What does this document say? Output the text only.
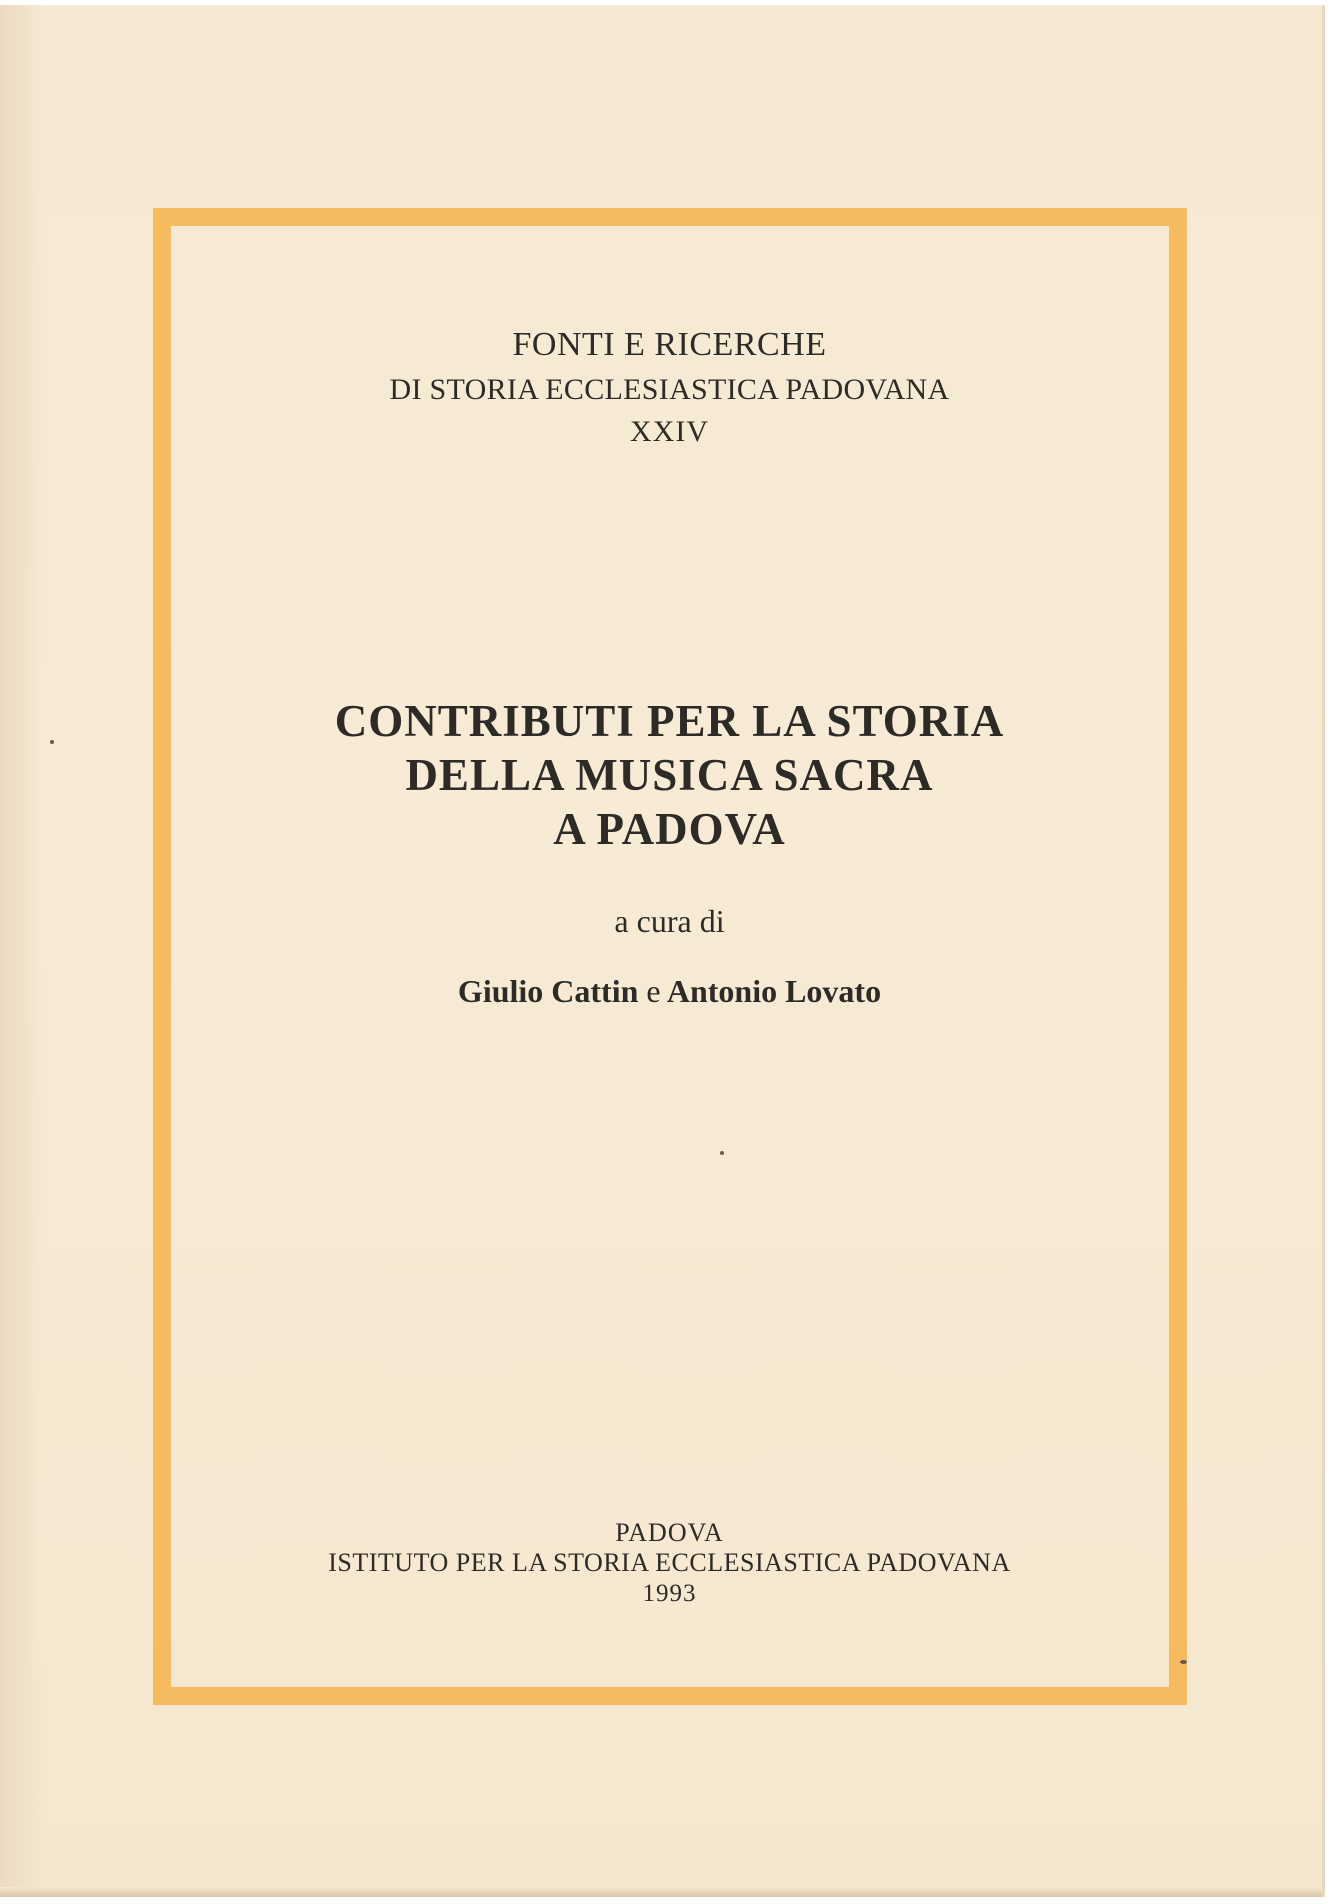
FONTI E RICERCHE
DI STORIA ECCLESIASTICA PADOVANA
XXIV
CONTRIBUTI PER LA STORIA
DELLA MUSICA SACRA
A PADOVA
a cura di
Giulio Cattin e Antonio Lovato
PADOVA
ISTITUTO PER LA STORIA ECCLESIASTICA PADOVANA
1993
